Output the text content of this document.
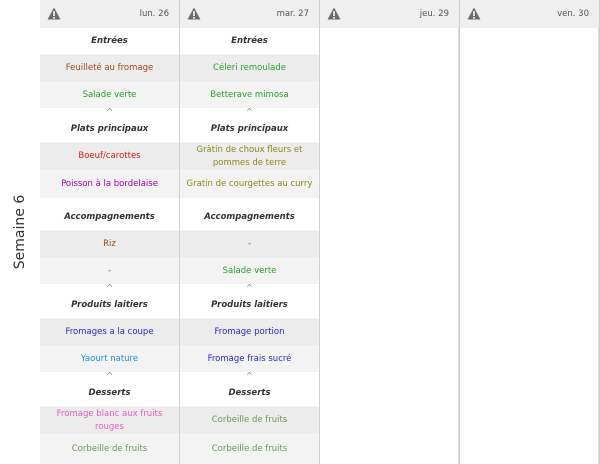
Semaine 6
lun. 26
Entrées
Feuilleté au fromage
Salade verte
^
Plats principaux
Boeuf/carottes
Poisson à la bordelaise
Accompagnements
Riz
-
^
Produits laitiers
Fromages a la coupe
Yaourt nature
^
Desserts
Fromage blanc aux fruits rouges
Corbeille de fruits
mar. 27
Entrées
Céleri remoulade
Betterave mimosa
^
Plats principaux
Grâtin de choux fleurs et pommes de terre
Gratin de courgettes au curry
Accompagnements
-
Salade verte
^
Produits laitiers
Fromage portion
Fromage frais sucré
^
Desserts
Corbeille de fruits
Corbeille de fruits
jeu. 29	ven. 30
